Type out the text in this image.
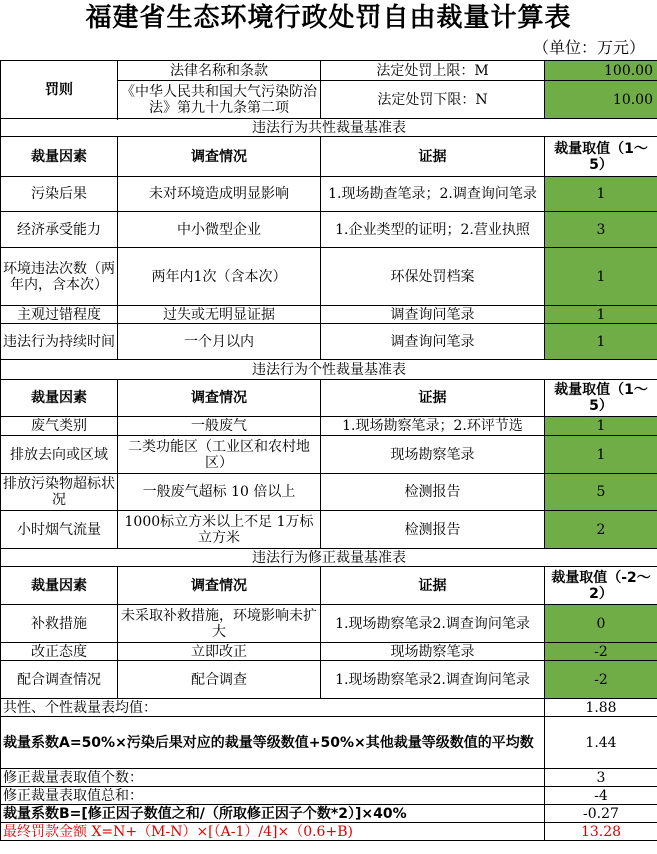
福建省生态环境行政处罚自由裁量计算表
（单位：万元）
罚则	法律名称和条款	法定处罚上限：M	100.00
	《中华人民共和国大气污染防治法》第九十九条第二项	法定处罚下限：N	10.00

违法行为共性裁量基准表			
裁量因素	调查情况	证据	裁量取值（1～5）
污染后果	未对环境造成明显影响	1.现场勘查笔录；2.调查询问笔录	1
经济承受能力	中小微型企业	1.企业类型的证明；2.营业执照	3
环境违法次数（两年内，含本次）	两年内1次（含本次）	环保处罚档案	1
主观过错程度	过失或无明显证据	调查询问笔录	1
违法行为持续时间	一个月以内	调查询问笔录	1
违法行为个性裁量基准表			
裁量因素	调查情况	证据	裁量取值（1～5）
废气类别	一般废气	1.现场勘察笔录；2.环评节选	1
排放去向或区域	二类功能区（工业区和农村地区）	现场勘察笔录	1
排放污染物超标状况	一般废气超标 10 倍以上	检测报告	5
小时烟气流量	1000标立方米以上不足 1万标立方米	检测报告	2
违法行为修正裁量基准表			
裁量因素	调查情况	证据	裁量取值（-2～2）
补救措施	未采取补救措施，环境影响未扩大	1.现场勘察笔录2.调查询问笔录	0
改正态度	立即改正	现场勘察笔录	-2
配合调查情况	配合调查	1.现场勘察笔录2.调查询问笔录	-2
共性、个性裁量表均值：			1.88
裁量系数A=50%×污染后果对应的裁量等级数值+50%×其他裁量等级数值的平均数			1.44
修正裁量表取值个数：			3
修正裁量表取值总和：			-4
裁量系数B=[修正因子数值之和/（所取修正因子个数*2）]×40%			-0.27
最终罚款金额 X=N+（M-N）×[（A-1）/4]×（0.6+B)			13.28
